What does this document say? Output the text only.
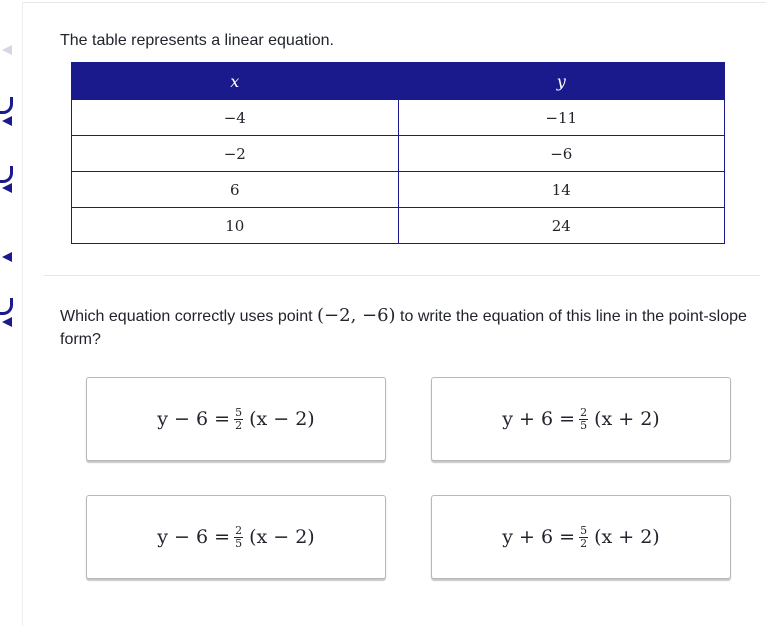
The table represents a linear equation.
x	y
−4	−11
−2	−6
6	14
10	24
Which equation correctly uses point (−2, −6) to write the equation of this line in the point-slope form?
$y - 6 = \frac{5}{2} (x - 2)$	$y + 6 = \frac{2}{5} (x + 2)$
$y - 6 = \frac{2}{5} (x - 2)$	$y + 6 = \frac{5}{2} (x + 2)$
